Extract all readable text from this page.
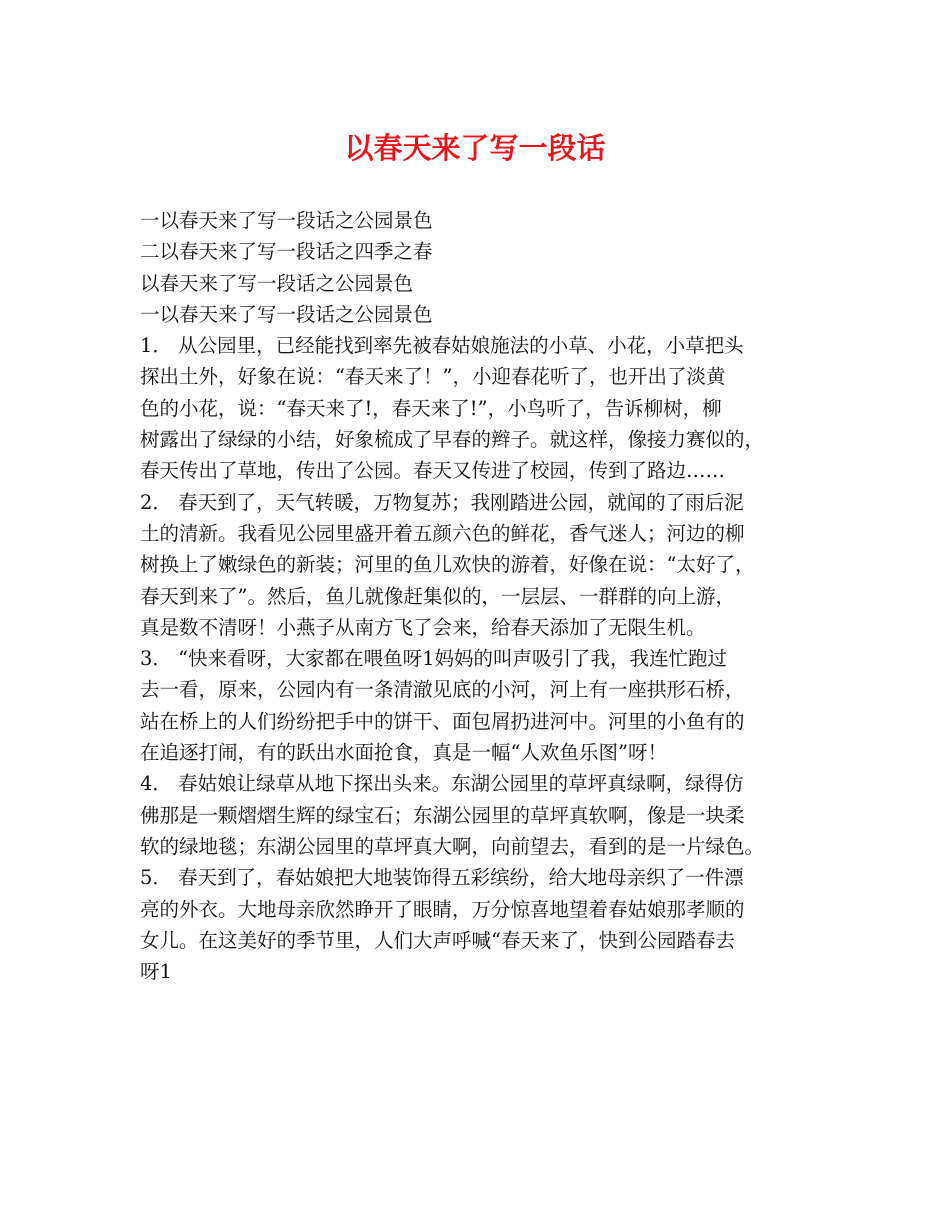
以春天来了写一段话
一以春天来了写一段话之公园景色
二以春天来了写一段话之四季之春
以春天来了写一段话之公园景色
一以春天来了写一段话之公园景色
1． 从公园里，已经能找到率先被春姑娘施法的小草、小花，小草把头
探出土外，好象在说：“春天来了！”，小迎春花听了，也开出了淡黄
色的小花，说：“春天来了!，春天来了!”，小鸟听了，告诉柳树，柳
树露出了绿绿的小结，好象梳成了早春的辫子。就这样，像接力赛似的，
春天传出了草地，传出了公园。春天又传进了校园，传到了路边……
2． 春天到了，天气转暖，万物复苏；我刚踏进公园，就闻的了雨后泥
土的清新。我看见公园里盛开着五颜六色的鲜花，香气迷人；河边的柳
树换上了嫩绿色的新装；河里的鱼儿欢快的游着，好像在说：“太好了，
春天到来了”。然后，鱼儿就像赶集似的，一层层、一群群的向上游，
真是数不清呀！小燕子从南方飞了会来，给春天添加了无限生机。
3． “快来看呀，大家都在喂鱼呀1妈妈的叫声吸引了我，我连忙跑过
去一看，原来，公园内有一条清澈见底的小河，河上有一座拱形石桥，
站在桥上的人们纷纷把手中的饼干、面包屑扔进河中。河里的小鱼有的
在追逐打闹，有的跃出水面抢食，真是一幅“人欢鱼乐图”呀！
4． 春姑娘让绿草从地下探出头来。东湖公园里的草坪真绿啊，绿得仿
佛那是一颗熠熠生辉的绿宝石；东湖公园里的草坪真软啊，像是一块柔
软的绿地毯；东湖公园里的草坪真大啊，向前望去，看到的是一片绿色。
5． 春天到了，春姑娘把大地装饰得五彩缤纷，给大地母亲织了一件漂
亮的外衣。大地母亲欣然睁开了眼睛，万分惊喜地望着春姑娘那孝顺的
女儿。在这美好的季节里，人们大声呼喊“春天来了，快到公园踏春去
呀1
